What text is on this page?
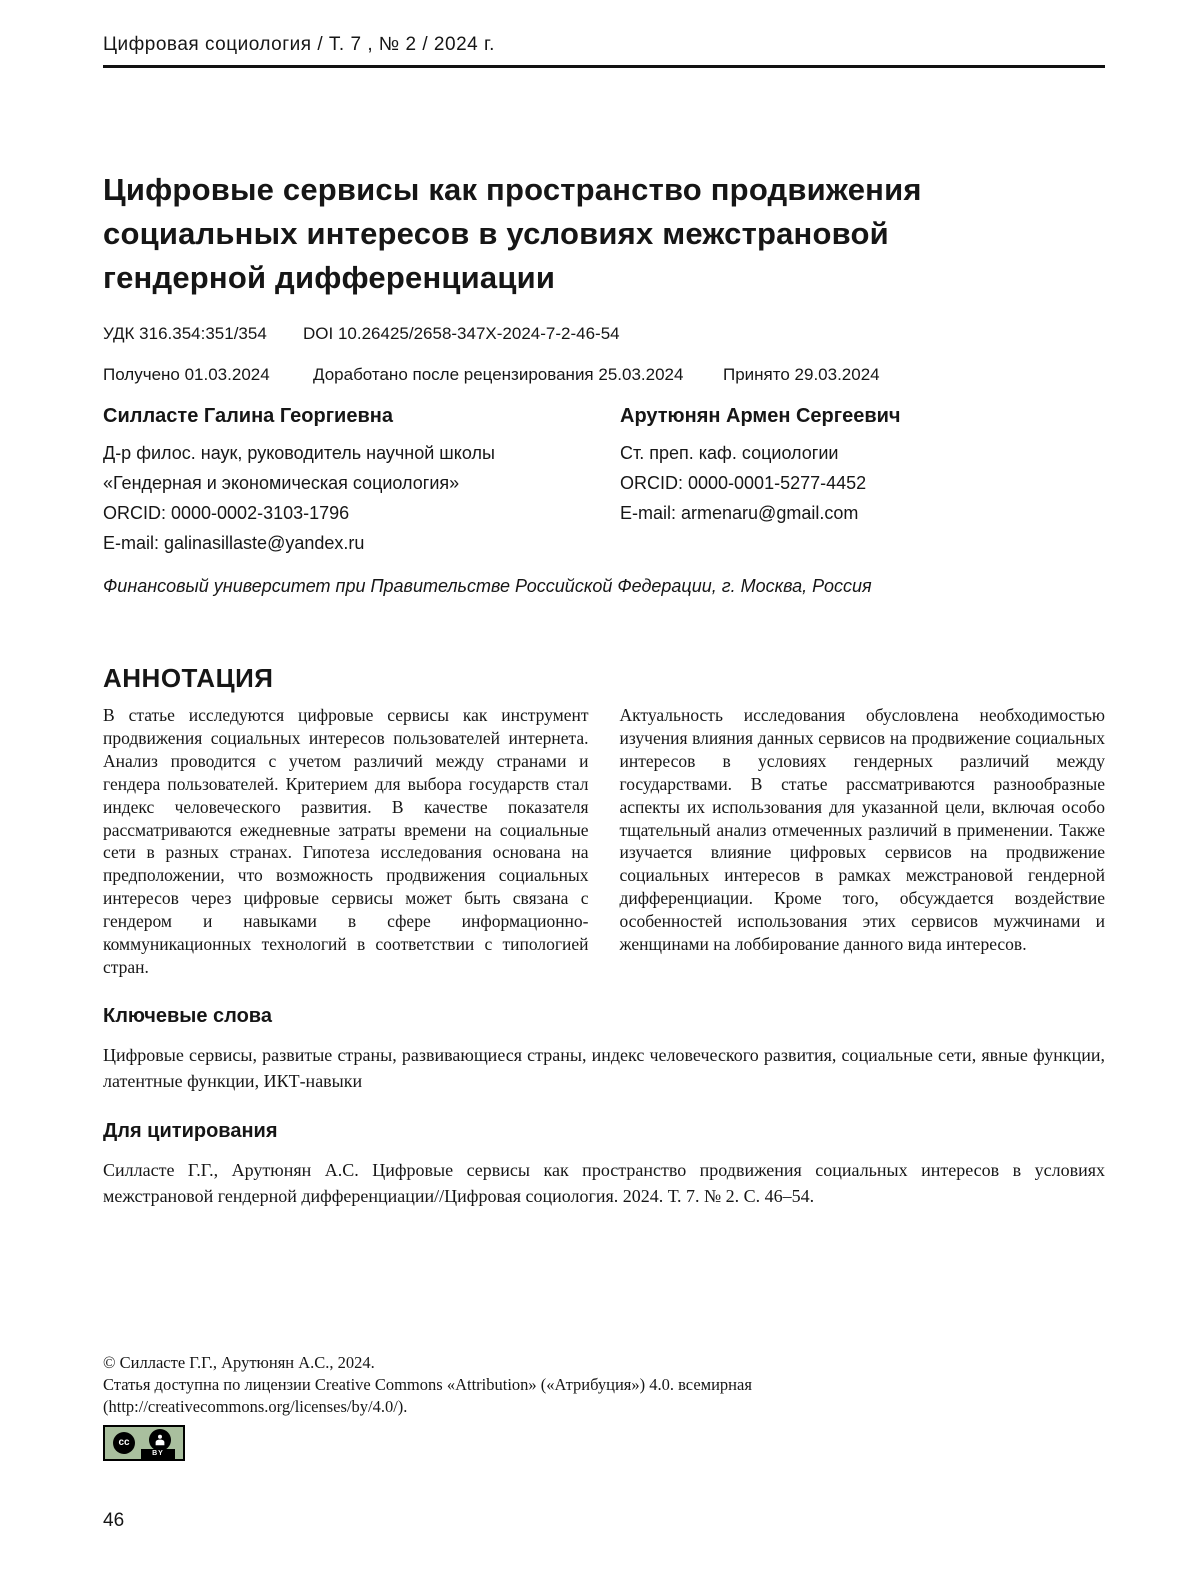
Цифровая социология / Т. 7 , № 2 / 2024 г.
Цифровые сервисы как пространство продвижения
социальных интересов в условиях межстрановой
гендерной дифференциации
УДК 316.354:351/354	DOI 10.26425/2658-347X-2024-7-2-46-54
Получено 01.03.2024	Доработано после рецензирования 25.03.2024	Принято 29.03.2024
Силласте Галина Георгиевна
Д-р филос. наук, руководитель научной школы «Гендерная и экономическая социология»
ORCID: 0000-0002-3103-1796
E-mail: galinasillaste@yandex.ru
Арутюнян Армен Сергеевич
Ст. преп. каф. социологии
ORCID: 0000-0001-5277-4452
E-mail: armenaru@gmail.com
Финансовый университет при Правительстве Российской Федерации, г. Москва, Россия
АННОТАЦИЯ
В статье исследуются цифровые сервисы как инструмент продвижения социальных интересов пользователей интернета. Анализ проводится с учетом различий между странами и гендера пользователей. Критерием для выбора государств стал индекс человеческого развития. В качестве показателя рассматриваются ежедневные затраты времени на социальные сети в разных странах. Гипотеза исследования основана на предположении, что возможность продвижения социальных интересов через цифровые сервисы может быть связана с гендером и навыками в сфере информационно-коммуникационных технологий в соответствии с типологией стран.
Актуальность исследования обусловлена необходимостью изучения влияния данных сервисов на продвижение социальных интересов в условиях гендерных различий между государствами. В статье рассматриваются разнообразные аспекты их использования для указанной цели, включая особо тщательный анализ отмеченных различий в применении. Также изучается влияние цифровых сервисов на продвижение социальных интересов в рамках межстрановой гендерной дифференциации. Кроме того, обсуждается воздействие особенностей использования этих сервисов мужчинами и женщинами на лоббирование данного вида интересов.
Ключевые слова
Цифровые сервисы, развитые страны, развивающиеся страны, индекс человеческого развития, социальные сети, явные функции, латентные функции, ИКТ-навыки
Для цитирования
Силласте Г.Г., Арутюнян А.С. Цифровые сервисы как пространство продвижения социальных интересов в условиях межстрановой гендерной дифференциации//Цифровая социология. 2024. Т. 7. № 2. С. 46–54.
© Силласте Г.Г., Арутюнян А.С., 2024.
Статья доступна по лицензии Creative Commons «Attribution» («Атрибуция») 4.0. всемирная
(http://creativecommons.org/licenses/by/4.0/).
cc
BY
46
